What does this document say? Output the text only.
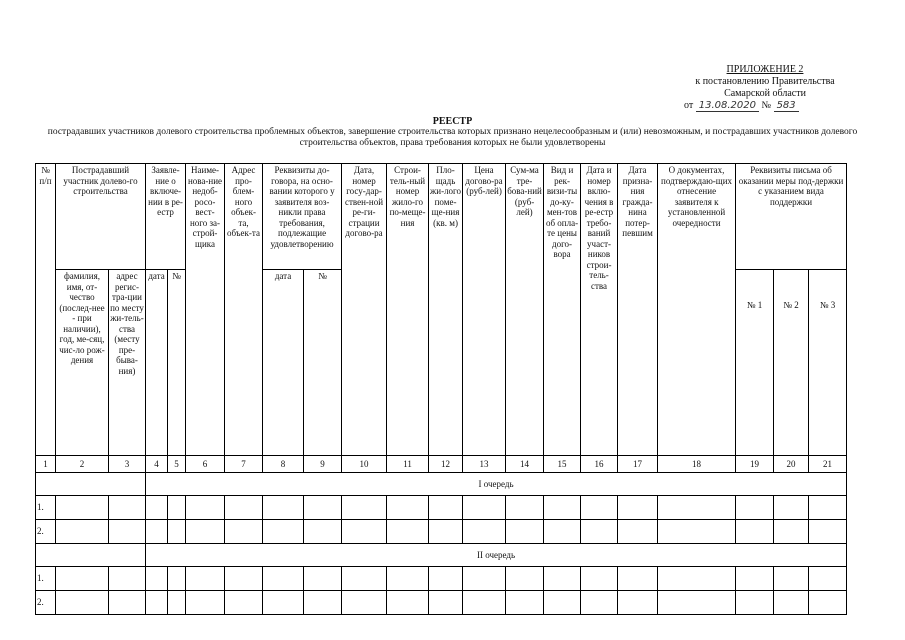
ПРИЛОЖЕНИЕ 2
к постановлению Правительства
Самарской области
от 13.08.2020 № 583
РЕЕСТР
пострадавших участников долевого строительства проблемных объектов, завершение строительства которых признано нецелесообразным и (или) невозможным, и пострадавших участников долевого строительства объектов, права требования которых не были удовлетворены
№ п/п	Пострадавший участник долево-го строительства		Заявле-ние о включе-нии в ре-естр		Наиме-нова-ние недоб-росо-вест-ного за-строй-щика	Адрес про-блем-ного объек-та, объек-та	Реквизиты до-говора, на осно-вании которого у заявителя воз-никли права требования, подлежащие удовлетворению		Дата, номер госу-дар-ствен-ной ре-ги-страции догово-ра	Строи-тель-ный номер жило-го по-меще-ния	Пло-щадь жи-лого поме-ще-ния (кв. м)	Цена догово-ра (руб-лей)	Сум-ма тре-бова-ний (руб-лей)	Вид и рек-визи-ты до-ку-мен-тов об опла-те цены дого-вора	Дата и номер вклю-чения в ре-естр требо-ваний участ-ников строи-тель-ства	Дата призна-ния гражда-нина потер-певшим	О документах, подтверждаю-щих отнесение заявителя к установленной очередности	Реквизиты письма об оказании меры под-держки с указанием вида поддержки		
	фамилия, имя, от-чество (послед-нее - при наличии), год, ме-сяц, чис-ло рож-дения	адрес регис-тра-ции по месту жи-тель-ства (месту пре-быва-ния)	дата	№			дата	№										№ 1	№ 2	№ 3
1	2	3	4	5	6	7	8	9	10	11	12	13	14	15	16	17	18	19	20	21
			I очередь																	
1.																				
2.																				
			II очередь																	
1.																				
2.																				
